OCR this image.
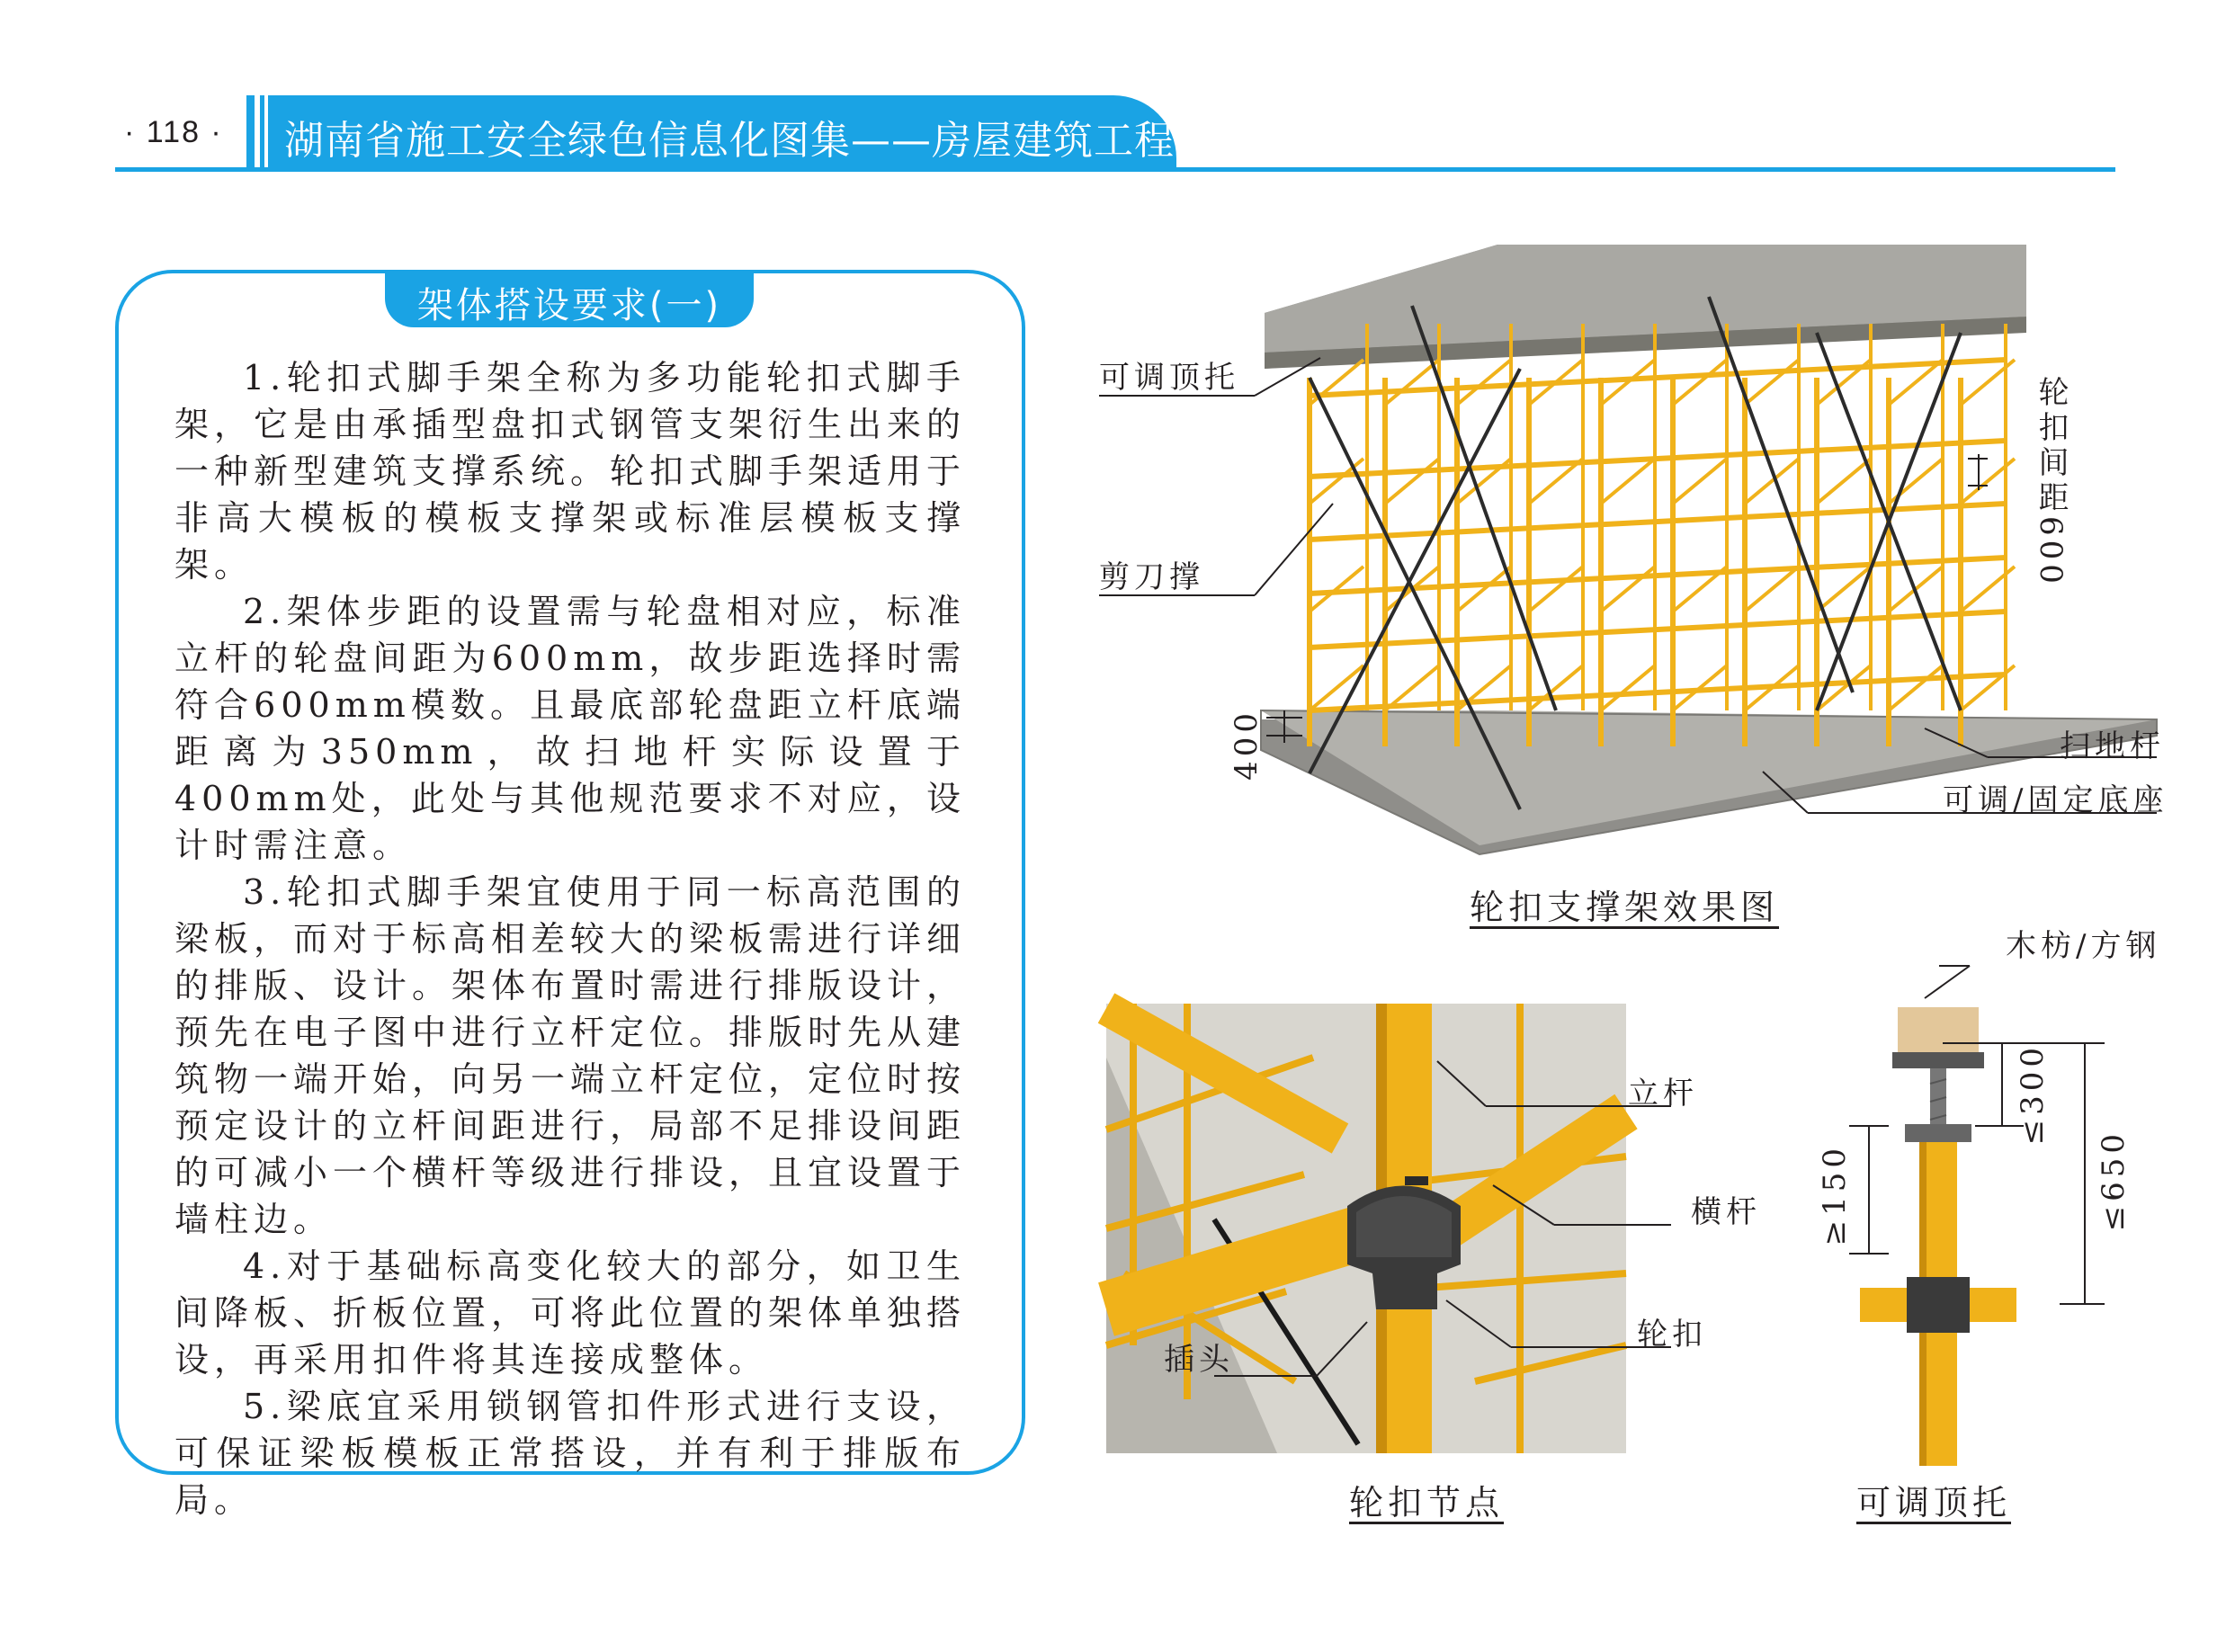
· 118 · 湖南省施工安全绿色信息化图集——房屋建筑工程
架体搭设要求(一)

1.轮扣式脚手架全称为多功能轮扣式脚手架，它是由承插型盘扣式钢管支架衍生出来的一种新型建筑支撑系统。轮扣式脚手架适用于非高大模板的模板支撑架或标准层模板支撑架。

2.架体步距的设置需与轮盘相对应，标准立杆的轮盘间距为600mm，故步距选择时需符合600mm模数。且最底部轮盘距立杆底端距离为350mm，故扫地杆实际设置于400mm处，此处与其他规范要求不对应，设计时需注意。

3.轮扣式脚手架宜使用于同一标高范围的梁板，而对于标高相差较大的梁板需进行详细的排版、设计。架体布置时需进行排版设计，预先在电子图中进行立杆定位。排版时先从建筑物一端开始，向另一端立杆定位，定位时按预定设计的立杆间距进行，局部不足排设间距的可减小一个横杆等级进行排设，且宜设置于墙柱边。

4.对于基础标高变化较大的部分，如卫生间降板、折板位置，可将此位置的架体单独搭设，再采用扣件将其连接成整体。

5.梁底宜采用锁钢管扣件形式进行支设，可保证梁板模板正常搭设，并有利于排版布局。

可调顶托
剪刀撑	轮扣间距600
400	扫地杆
可调/固定底座
轮扣支撑架效果图
立杆
横杆
轮扣
插头
轮扣节点
木枋/方钢
≤300
≥150	≤650
可调顶托
